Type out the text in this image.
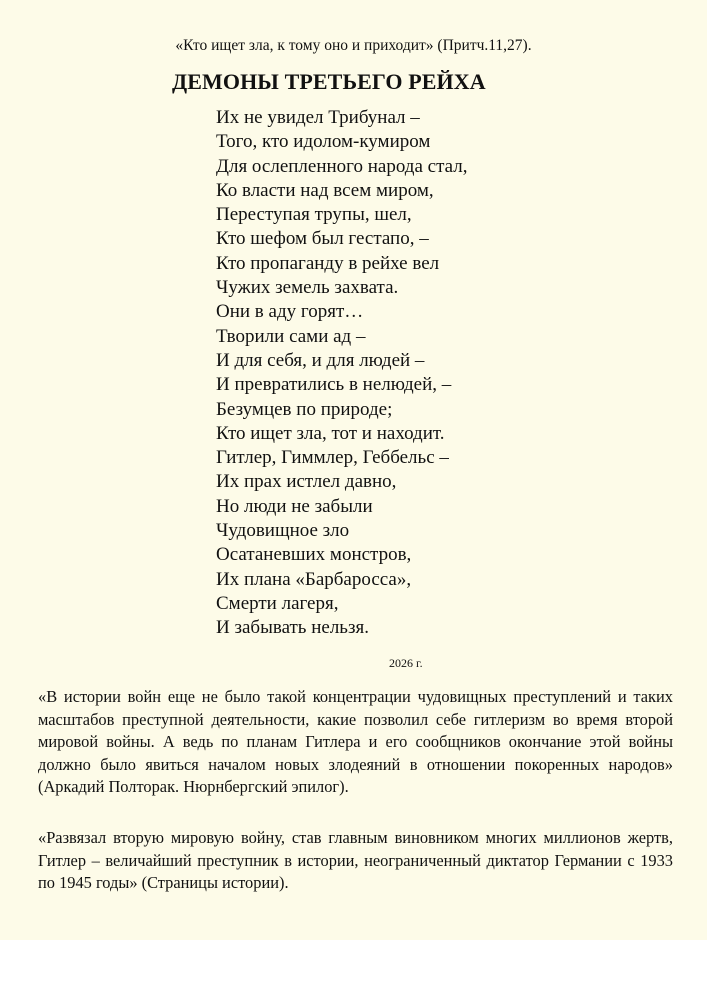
«Кто ищет зла, к тому оно и приходит» (Притч.11,27).
ДЕМОНЫ ТРЕТЬЕГО РЕЙХА
Их не увидел Трибунал –
Того, кто идолом-кумиром
Для ослепленного народа стал,
Ко власти над всем миром,
Переступая трупы, шел,
Кто шефом был гестапо, –
Кто пропаганду в рейхе вел
Чужих земель захвата.
Они в аду горят…
Творили сами ад –
И для себя, и для людей –
И превратились в нелюдей, –
Безумцев по природе;
Кто ищет зла, тот и находит.
Гитлер, Гиммлер, Геббельс –
Их прах истлел давно,
Но люди не забыли
Чудовищное зло
Осатаневших монстров,
Их плана «Барбаросса»,
Смерти лагеря,
И забывать нельзя.
2026 г.

«В истории войн еще не было такой концентрации чудовищных преступлений и таких масштабов преступной деятельности, какие позволил себе гитлеризм во время второй мировой войны. А ведь по планам Гитлера и его сообщников окончание этой войны должно было явиться началом новых злодеяний в отношении покоренных народов» (Аркадий Полторак. Нюрнбергский эпилог).

«Развязал вторую мировую войну, став главным виновником многих миллионов жертв, Гитлер – величайший преступник в истории, неограниченный диктатор Германии с 1933 по 1945 годы» (Страницы истории).
